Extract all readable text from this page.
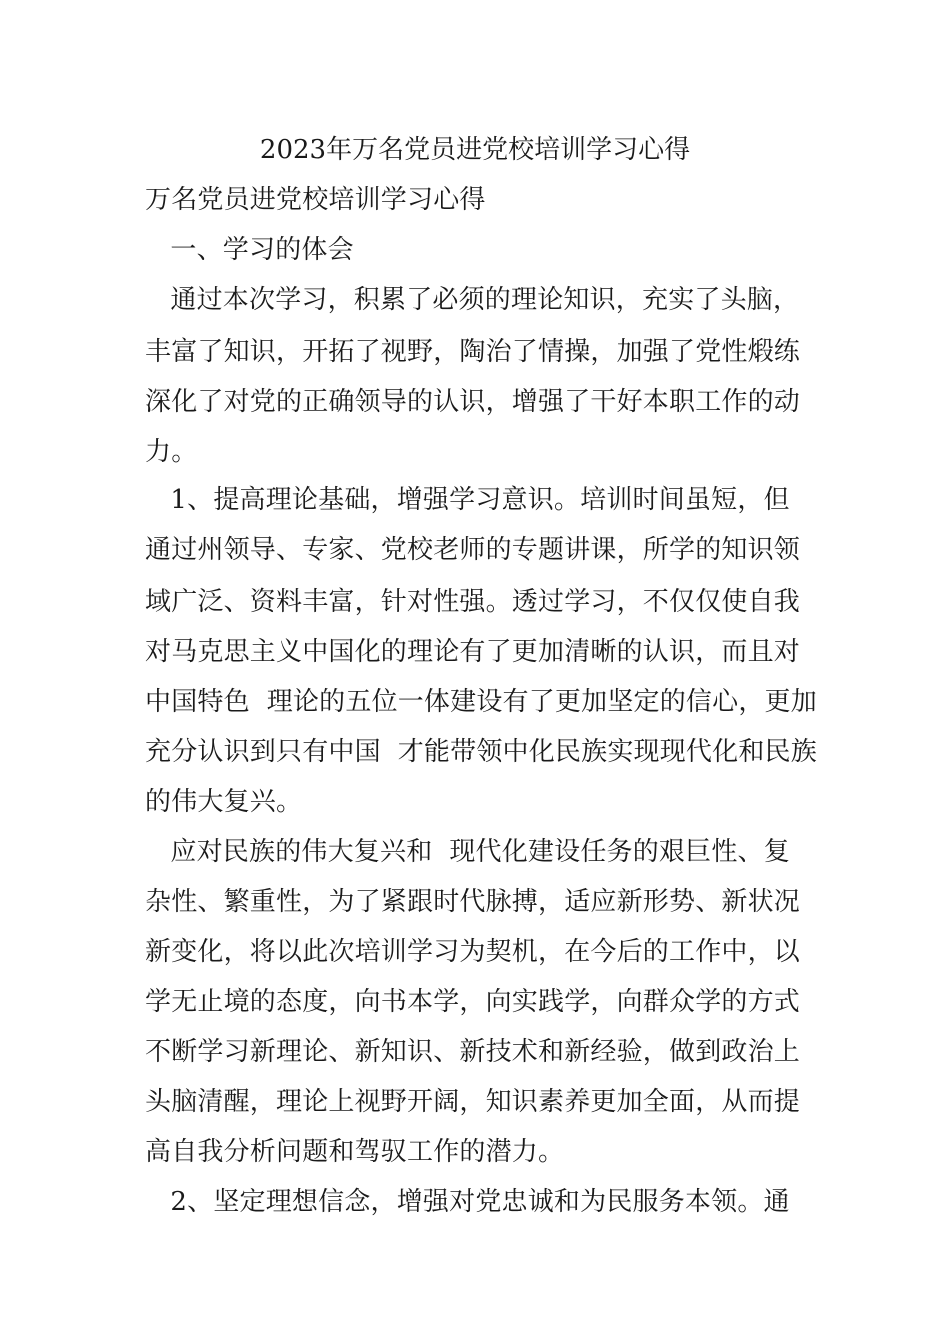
2023年万名党员进党校培训学习心得
万名党员进党校培训学习心得
一、学习的体会
通过本次学习，积累了必须的理论知识，充实了头脑，
丰富了知识，开拓了视野，陶治了情操，加强了党性煅练
深化了对党的正确领导的认识，增强了干好本职工作的动
力。
1、提高理论基础，增强学习意识。培训时间虽短，但
通过州领导、专家、党校老师的专题讲课，所学的知识领
域广泛、资料丰富，针对性强。透过学习，不仅仅使自我
对马克思主义中国化的理论有了更加清晰的认识，而且对
中国特色  理论的五位一体建设有了更加坚定的信心，更加
充分认识到只有中国  才能带领中化民族实现现代化和民族
的伟大复兴。
应对民族的伟大复兴和  现代化建设任务的艰巨性、复
杂性、繁重性，为了紧跟时代脉搏，适应新形势、新状况
新变化，将以此次培训学习为契机，在今后的工作中，以
学无止境的态度，向书本学，向实践学，向群众学的方式
不断学习新理论、新知识、新技术和新经验，做到政治上
头脑清醒，理论上视野开阔，知识素养更加全面，从而提
高自我分析问题和驾驭工作的潜力。
2、坚定理想信念，增强对党忠诚和为民服务本领。通
